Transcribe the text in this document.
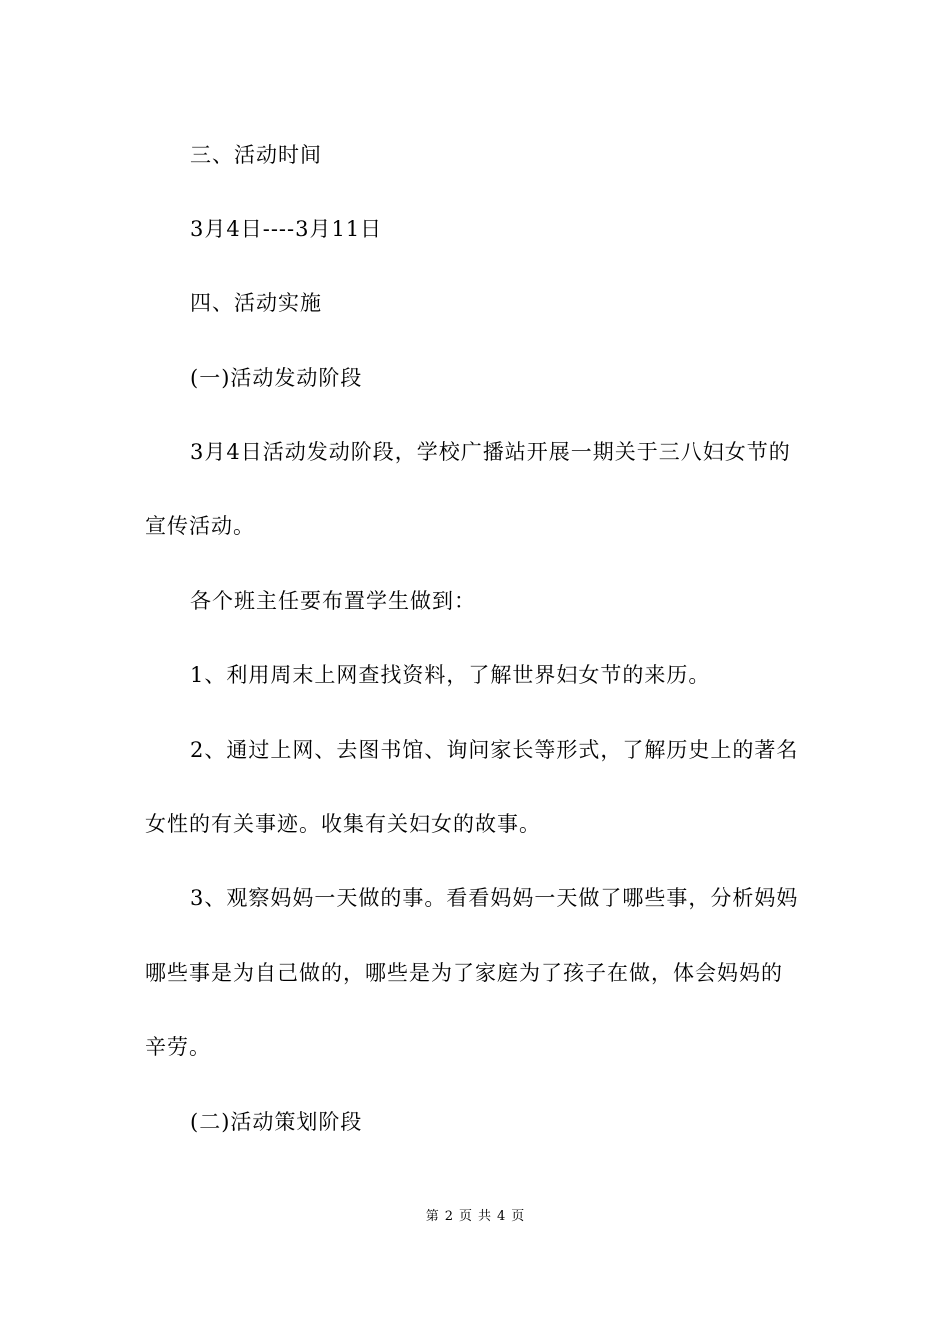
三、活动时间
3月4日----3月11日
四、活动实施
(一)活动发动阶段
3月4日活动发动阶段，学校广播站开展一期关于三八妇女节的
宣传活动。
各个班主任要布置学生做到：
1、利用周末上网查找资料，了解世界妇女节的来历。
2、通过上网、去图书馆、询问家长等形式，了解历史上的著名
女性的有关事迹。收集有关妇女的故事。
3、观察妈妈一天做的事。看看妈妈一天做了哪些事，分析妈妈
哪些事是为自己做的，哪些是为了家庭为了孩子在做，体会妈妈的
辛劳。
(二)活动策划阶段
第 2 页 共 4 页
